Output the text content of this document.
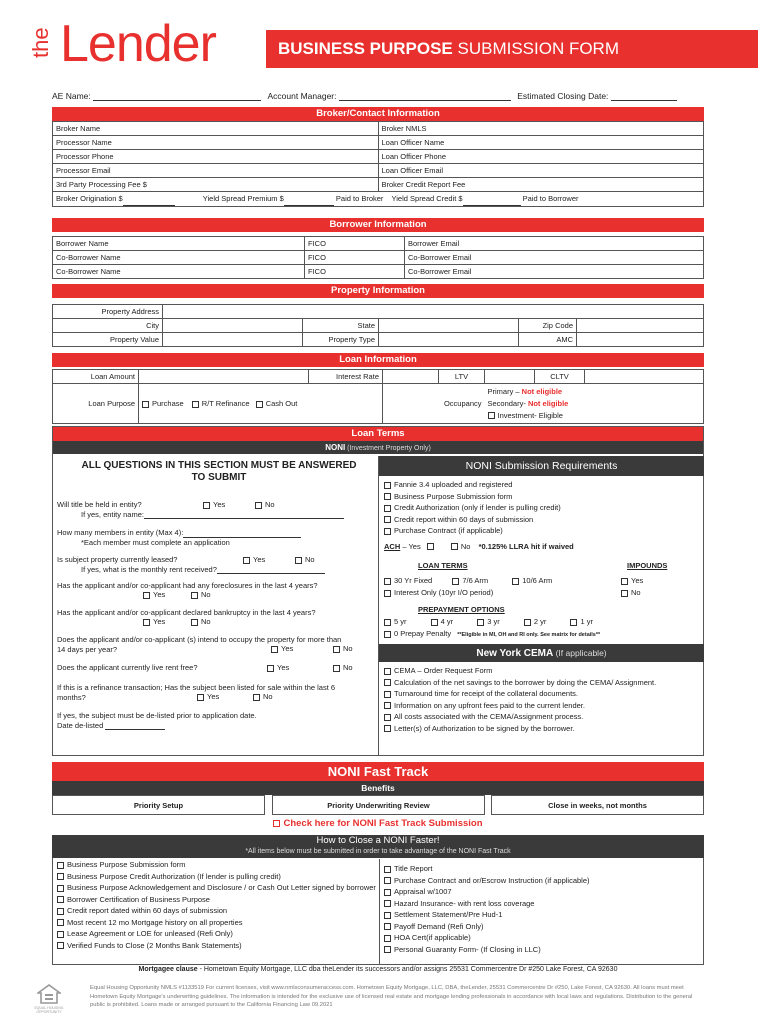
the Lender	BUSINESS PURPOSE SUBMISSION FORM
AE Name:	Account Manager:	Estimated Closing Date:
Broker/Contact Information
Broker Name	Broker NMLS
Processor Name	Loan Officer Name
Processor Phone	Loan Officer Phone
Processor Email	Loan Officer Email
3rd Party Processing Fee $	Broker Credit Report Fee
Broker Origination $	Yield Spread Premium $	Paid to Broker Yield Spread Credit $	Paid to Borrower
Borrower Information
Borrower Name	FICO	Borrower Email
Co-Borrower Name	FICO	Co-Borrower Email
Co-Borrower Name	FICO	Co-Borrower Email
Property Information
Property Address					
City		State		Zip Code	
Property Value		Property Type		AMC	
Loan Information
Loan Amount		Interest Rate		LTV		CLTV	
Loan Purpose	Purchase R/T Refinance Cash Out		Occupancy		Primary – Not eligible
Secondary- Not eligible
Investment- Eligible		
Loan Terms
NONI (Investment Property Only)
ALL QUESTIONS IN THIS SECTION MUST BE ANSWERED TO SUBMIT
Will title be held in entity?	Yes	No
If yes, entity name:
How many members in entity (Max 4):
*Each member must complete an application
Is subject property currently leased?	Yes	No
If yes, what is the monthly rent received?
Has the applicant and/or co-applicant had any foreclosures in the last 4 years?
Yes	No
Has the applicant and/or co-applicant declared bankruptcy in the last 4 years?
Yes	No
Does the applicant and/or co-applicant (s) intend to occupy the property for more than 14 days per year?	Yes	No
Does the applicant currently live rent free?	Yes	No
If this is a refinance transaction; Has the subject been listed for sale within the last 6 months?	Yes	No
If yes, the subject must be de-listed prior to application date.
Date de-listed
NONI Submission Requirements
Fannie 3.4 uploaded and registered
Business Purpose Submission form
Credit Authorization (only if lender is pulling credit)
Credit report within 60 days of submission
Purchase Contract (if applicable)
ACH – Yes	No *0.125% LLRA hit if waived
LOAN TERMS	IMPOUNDS
30 Yr Fixed	7/6 Arm	10/6 Arm	Yes
Interest Only (10yr I/O period)	No
PREPAYMENT OPTIONS
5 yr	4 yr	3 yr	2 yr	1 yr
0 Prepay Penalty **Eligible in MI, OH and RI only. See matrix for details**
New York CEMA (If applicable)
CEMA – Order Request Form
Calculation of the net savings to the borrower by doing the CEMA/ Assignment.
Turnaround time for receipt of the collateral documents.
Information on any upfront fees paid to the current lender.
All costs associated with the CEMA/Assignment process.
Letter(s) of Authorization to be signed by the borrower.
NONI Fast Track
Benefits
Priority Setup	Priority Underwriting Review	Close in weeks, not months
Check here for NONI Fast Track Submission
How to Close a NONI Faster!
*All items below must be submitted in order to take advantage of the NONI Fast Track
Business Purpose Submission form
Business Purpose Credit Authorization (If lender is pulling credit)
Business Purpose Acknowledgement and Disclosure / or Cash Out Letter signed by borrower
Borrower Certification of Business Purpose
Credit report dated within 60 days of submission
Most recent 12 mo Mortgage history on all properties
Lease Agreement or LOE for unleased (Refi Only)
Verified Funds to Close (2 Months Bank Statements)
Title Report
Purchase Contract and or/Escrow Instruction (if applicable)
Appraisal w/1007
Hazard Insurance- with rent loss coverage
Settlement Statement/Pre Hud-1
Payoff Demand (Refi Only)
HOA Cert(if applicable)
Personal Guaranty Form- (If Closing in LLC)
Mortgagee clause - Hometown Equity Mortgage, LLC dba theLender its successors and/or assigns 25531 Commercentre Dr #250 Lake Forest, CA 92630
EQUAL HOUSING OPPORTUNITY
Equal Housing Opportunity NMLS #1133519 For current licenses, visit www.nmlsconsumeraccess.com. Hometown Equity Mortgage, LLC, DBA, theLender, 25531 Commercentre Dr #250, Lake Forest, CA 92630. All loans must meet Hometown Equity Mortgage's underwriting guidelines. The information is intended for the exclusive use of licensed real estate and mortgage lending professionals in accordance with local laws and regulations. Distribution to the general public is prohibited. Loans made or arranged pursuant to the California Financing Law 09.2021
